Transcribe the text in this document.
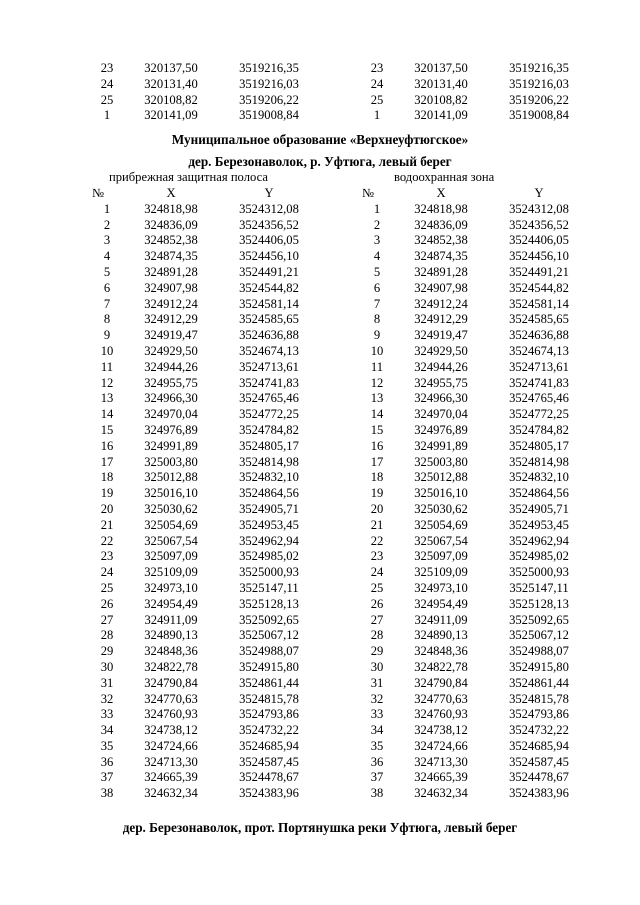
23	320137,50	3519216,35
24	320131,40	3519216,03
25	320108,82	3519206,22
1	320141,09	3519008,84
23	320137,50	3519216,35
24	320131,40	3519216,03
25	320108,82	3519206,22
1	320141,09	3519008,84
Муниципальное образование «Верхнеуфтюгское»
дер. Березонаволок, р. Уфтюга, левый берег
прибрежная защитная полоса	водоохранная зона
№	X	Y
1	324818,98	3524312,08
2	324836,09	3524356,52
3	324852,38	3524406,05
4	324874,35	3524456,10
5	324891,28	3524491,21
6	324907,98	3524544,82
7	324912,24	3524581,14
8	324912,29	3524585,65
9	324919,47	3524636,88
10	324929,50	3524674,13
11	324944,26	3524713,61
12	324955,75	3524741,83
13	324966,30	3524765,46
14	324970,04	3524772,25
15	324976,89	3524784,82
16	324991,89	3524805,17
17	325003,80	3524814,98
18	325012,88	3524832,10
19	325016,10	3524864,56
20	325030,62	3524905,71
21	325054,69	3524953,45
22	325067,54	3524962,94
23	325097,09	3524985,02
24	325109,09	3525000,93
25	324973,10	3525147,11
26	324954,49	3525128,13
27	324911,09	3525092,65
28	324890,13	3525067,12
29	324848,36	3524988,07
30	324822,78	3524915,80
31	324790,84	3524861,44
32	324770,63	3524815,78
33	324760,93	3524793,86
34	324738,12	3524732,22
35	324724,66	3524685,94
36	324713,30	3524587,45
37	324665,39	3524478,67
38	324632,34	3524383,96
№	X	Y
1	324818,98	3524312,08
2	324836,09	3524356,52
3	324852,38	3524406,05
4	324874,35	3524456,10
5	324891,28	3524491,21
6	324907,98	3524544,82
7	324912,24	3524581,14
8	324912,29	3524585,65
9	324919,47	3524636,88
10	324929,50	3524674,13
11	324944,26	3524713,61
12	324955,75	3524741,83
13	324966,30	3524765,46
14	324970,04	3524772,25
15	324976,89	3524784,82
16	324991,89	3524805,17
17	325003,80	3524814,98
18	325012,88	3524832,10
19	325016,10	3524864,56
20	325030,62	3524905,71
21	325054,69	3524953,45
22	325067,54	3524962,94
23	325097,09	3524985,02
24	325109,09	3525000,93
25	324973,10	3525147,11
26	324954,49	3525128,13
27	324911,09	3525092,65
28	324890,13	3525067,12
29	324848,36	3524988,07
30	324822,78	3524915,80
31	324790,84	3524861,44
32	324770,63	3524815,78
33	324760,93	3524793,86
34	324738,12	3524732,22
35	324724,66	3524685,94
36	324713,30	3524587,45
37	324665,39	3524478,67
38	324632,34	3524383,96
дер. Березонаволок, прот. Портянушка реки Уфтюга, левый берег
